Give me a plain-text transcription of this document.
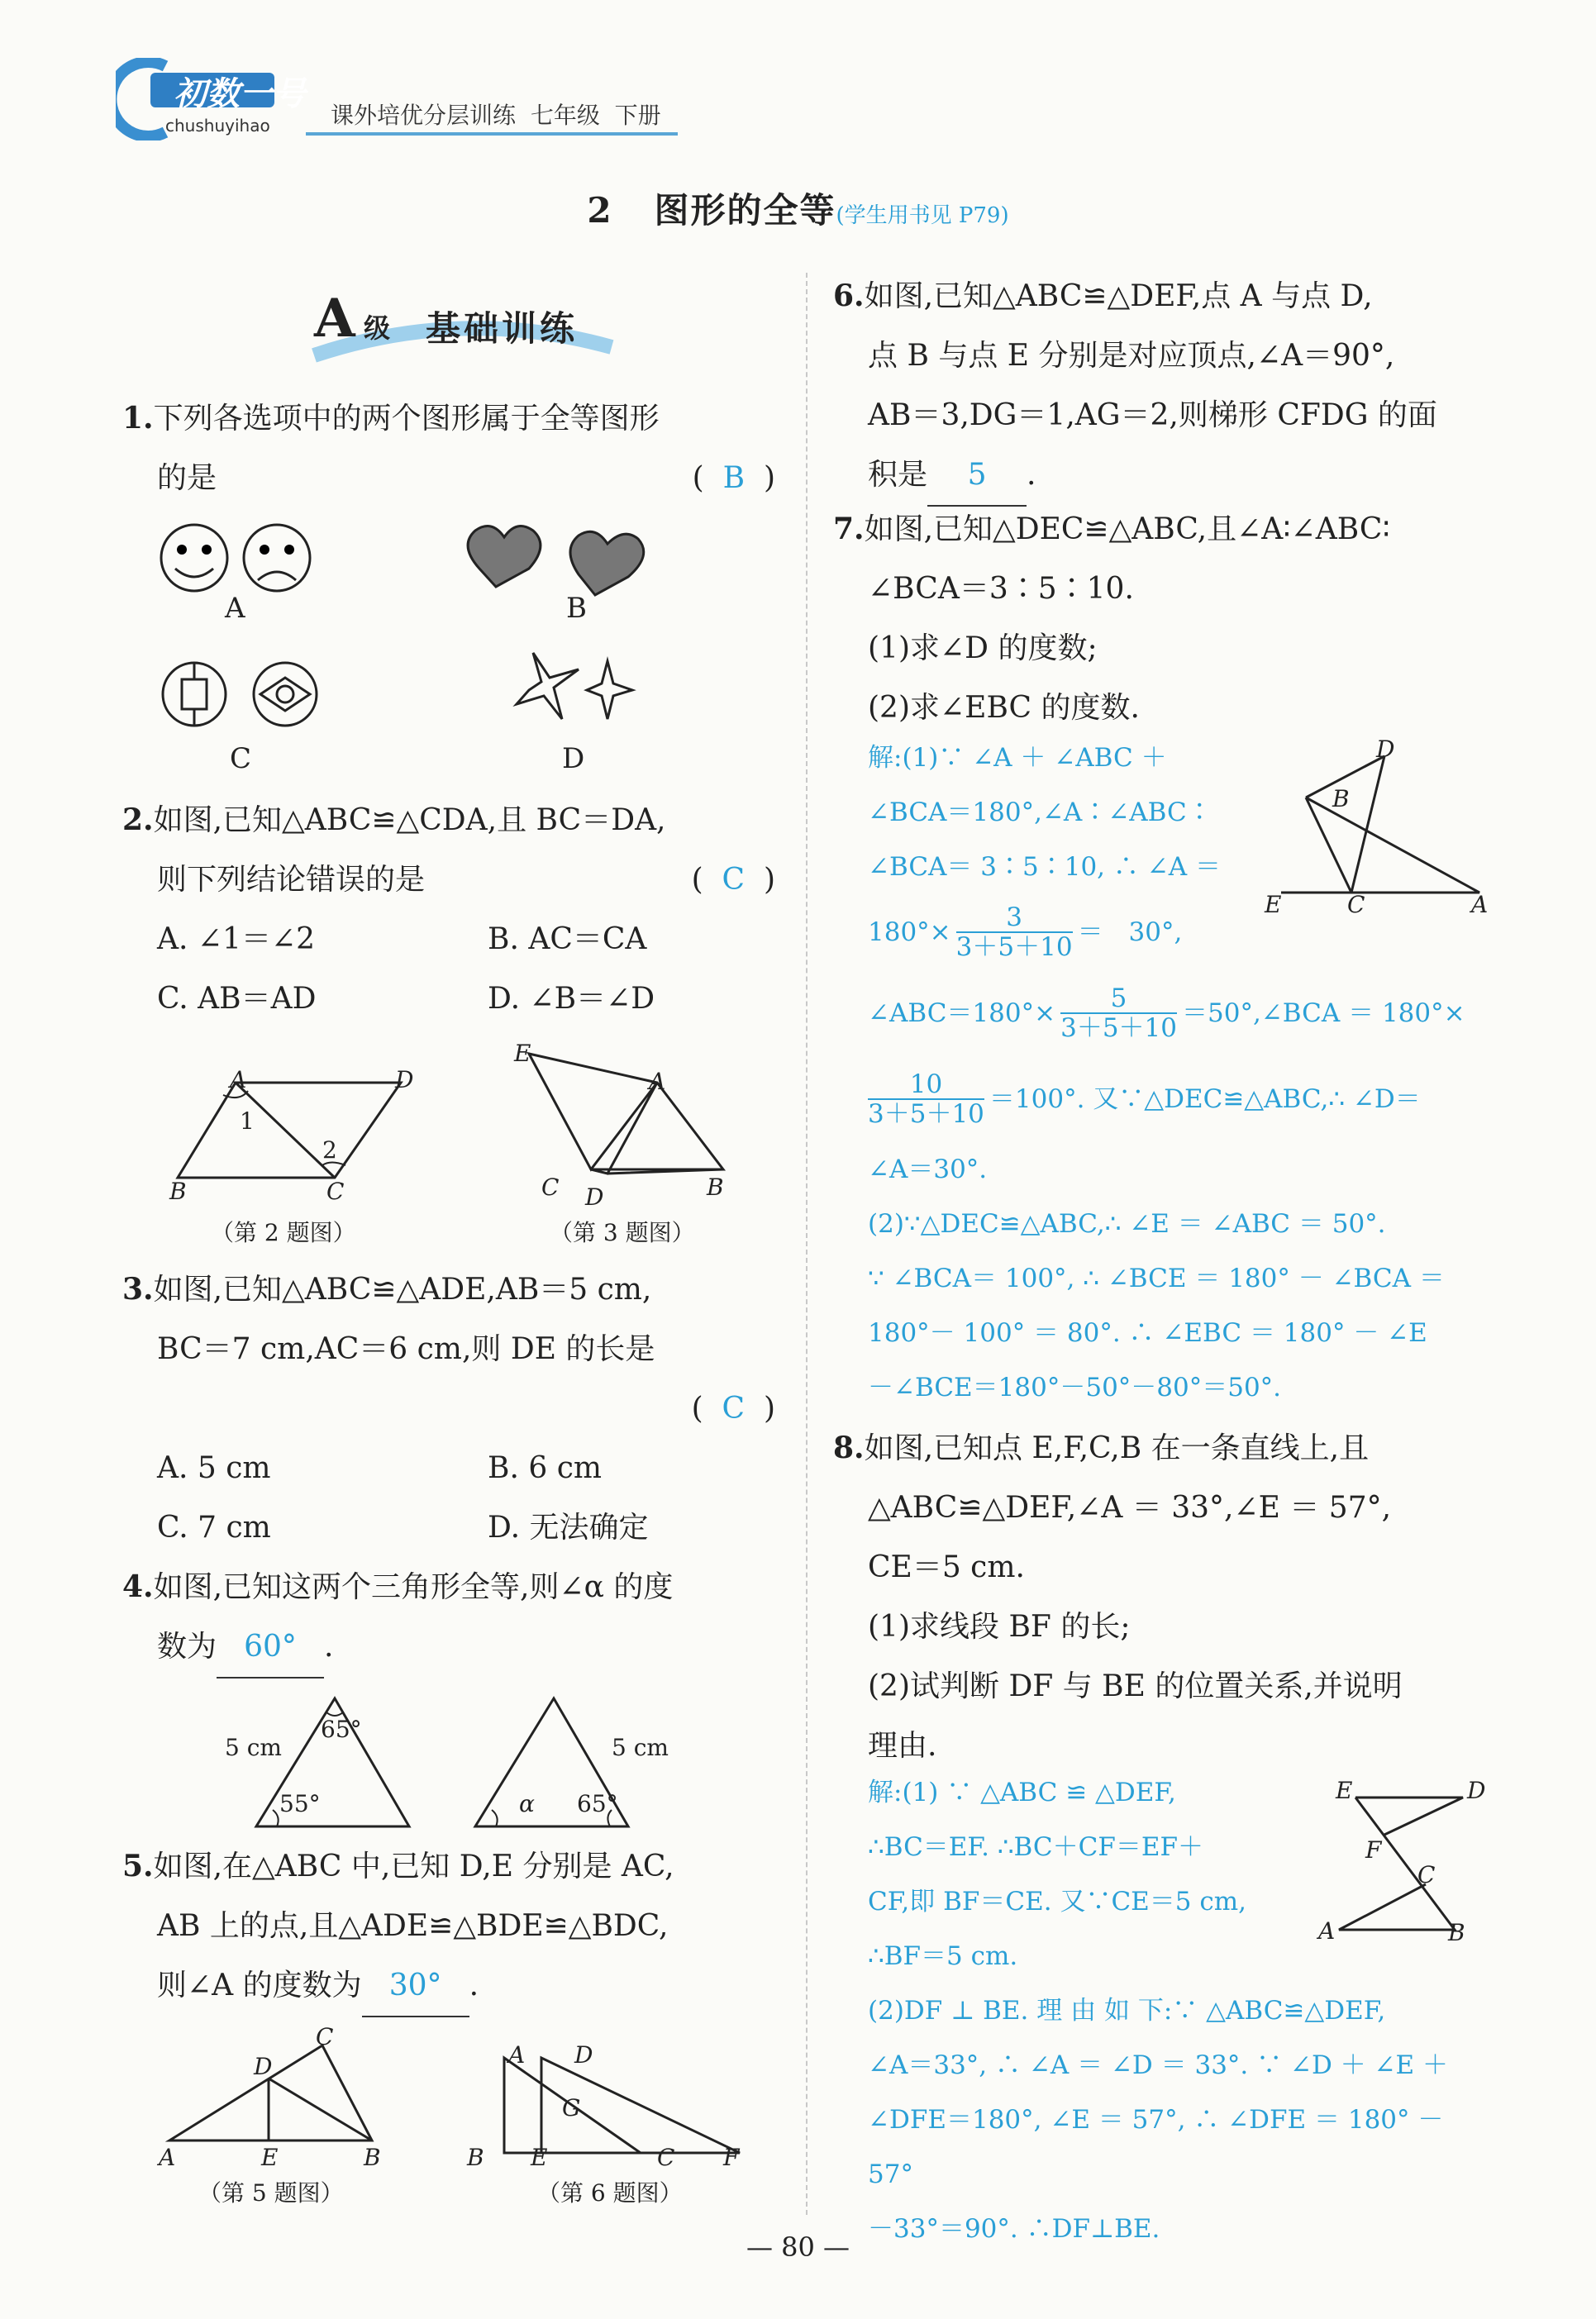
初数一号
chushuyihao	课外培优分层训练 七年级 下册
2 图形的全等(学生用书见 P79)
A 级 基础训练
1.下列各选项中的两个图形属于全等图形
的是	(  B  )
A	B
C	D
2.如图,已知△ABC≌△CDA,且 BC＝DA,
则下列结论错误的是	(  C  )
A. ∠1＝∠2	B. AC＝CA
C. AB＝AD	D. ∠B＝∠D
A	D
1
2
B	C
（第 2 题图）
E
A
C D	B
（第 3 题图）
3.如图,已知△ABC≌△ADE,AB＝5 cm,
BC＝7 cm,AC＝6 cm,则 DE 的长是
(  C  )
A. 5 cm	B. 6 cm
C. 7 cm	D. 无法确定
4.如图,已知这两个三角形全等,则∠α 的度
数为 60° .
5 cm
65°
55°
5 cm
α 65°
5.如图,在△ABC 中,已知 D,E 分别是 AC,
AB 上的点,且△ADE≌△BDE≌△BDC,
则∠A 的度数为 30° .
C
D
A	E	B
（第 5 题图）
A D
G
B E	C F
（第 6 题图）
6.如图,已知△ABC≌△DEF,点 A 与点 D,
点 B 与点 E 分别是对应顶点,∠A＝90°,
AB＝3,DG＝1,AG＝2,则梯形 CFDG 的面
积是 5 .
7.如图,已知△DEC≌△ABC,且∠A∶∠ABC∶
∠BCA＝3∶5∶10.
(1)求∠D 的度数;
(2)求∠EBC 的度数.
解:(1)∵ ∠A ＋ ∠ABC ＋
∠BCA＝180°,∠A∶∠ABC∶
∠BCA＝ 3∶5∶10, ∴ ∠A ＝
$180^\circ\times \frac{3}{3+5+10}$ ＝　30°,
∠ABC＝180°× $\frac{5}{3+5+10}$ ＝50°,∠BCA ＝ 180°×
$\frac{10}{3+5+10} =100^\circ$. 又∵△DEC≌△ABC,∴ ∠D＝
∠A＝30°.
(2)∵△DEC≌△ABC,∴ ∠E ＝ ∠ABC ＝ 50°.
∵ ∠BCA＝ 100°, ∴ ∠BCE ＝ 180° － ∠BCA ＝
180°－ 100° ＝ 80°. ∴ ∠EBC ＝ 180° － ∠E
－∠BCE＝180°－50°－80°＝50°.
D
B
E	C	A
8.如图,已知点 E,F,C,B 在一条直线上,且
△ABC≌△DEF,∠A ＝ 33°,∠E ＝ 57°,
CE＝5 cm.
(1)求线段 BF 的长;
(2)试判断 DF 与 BE 的位置关系,并说明
理由.
解:(1) ∵ △ABC ≌ △DEF,
∴BC＝EF. ∴BC＋CF＝EF＋
CF,即 BF＝CE. 又∵CE＝5 cm,
∴BF＝5 cm.
(2)DF ⊥ BE. 理 由 如 下:∵ △ABC≌△DEF,
∠A＝33°, ∴ ∠A ＝ ∠D ＝ 33°. ∵ ∠D ＋ ∠E ＋
∠DFE＝180°, ∠E ＝ 57°, ∴ ∠DFE ＝ 180° － 57°
－33°＝90°. ∴DF⊥BE.
E	D
F
C
A	B
— 80 —
